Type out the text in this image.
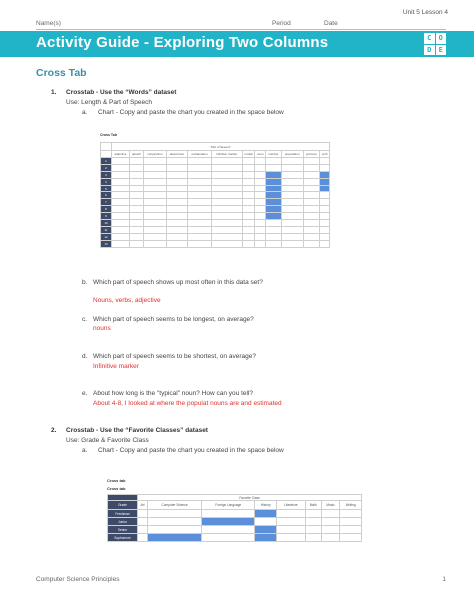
Unit 5 Lesson 4
Name(s)	Period	Date
Activity Guide - Exploring Two Columns	C	O
D	E
Cross Tab
1. Crosstab - Use the “Words” dataset
Use: Length & Part of Speech
a. Chart - Copy and paste the chart you created in the space below
Cross Tab
	Part of Speech											
Length	adjective	adverb	conjunction	determiner	exclamation	infinitive marker	modal	noun	number	preposition	pronoun	verb
1												
2												
3												
4												
5												
6												
7												
8												
9												
10												
11												
12												
13												
b. Which part of speech shows up most often in this data set?
Nouns, verbs, adjective
c. Which part of speech seems to be longest, on average?
nouns
d. Which part of speech seems to be shortest, on average?
Infinitive marker
e. About how long is the "typical" noun? How can you tell?
About 4-8, I looked at where the populat nouns are and estimated
2. Crosstab - Use the “Favorite Classes” dataset
Use: Grade & Favorite Class
a. Chart - Copy and paste the chart you created in the space below
Cross tab
Cross tab
	Favorite Class							
Grade	Art	Computer Science	Foreign Language	History	Literature	Math	Music	Writing
Freshman								
Junior								
Senior								
Sophomore								
Computer Science Principles	1
